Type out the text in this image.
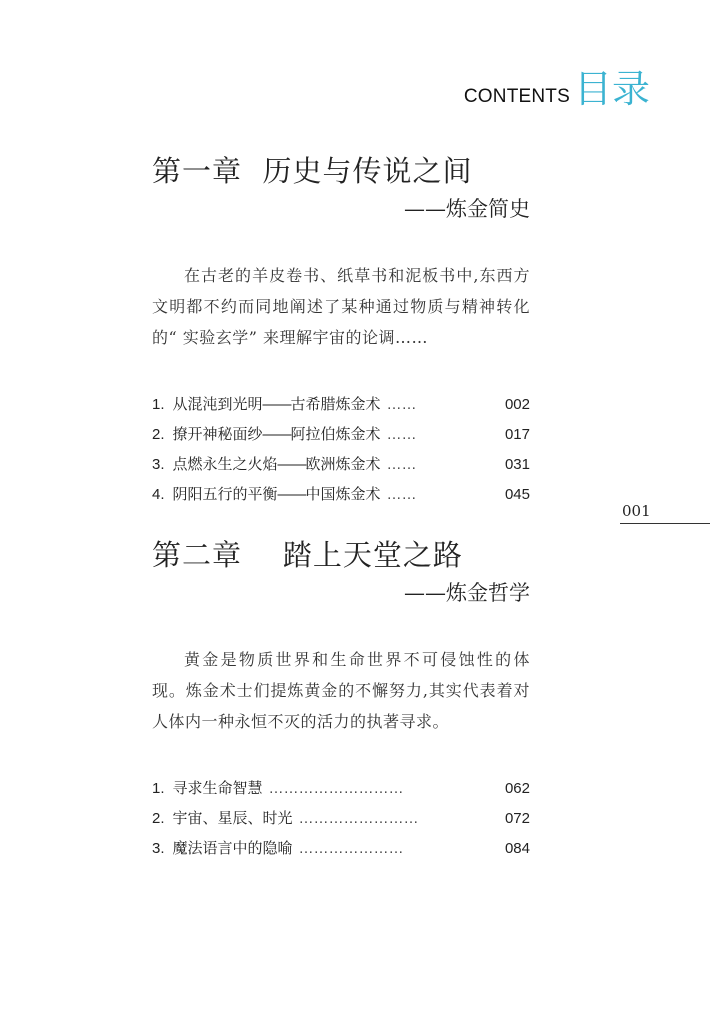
CONTENTS 目录
第一章 历史与传说之间
——炼金简史
在古老的羊皮卷书、纸草书和泥板书中,东西方文明都不约而同地阐述了某种通过物质与精神转化的“ 实验玄学” 来理解宇宙的论调……
1. 从混沌到光明 —— 古希腊炼金术 ……	002
2. 撩开神秘面纱 —— 阿拉伯炼金术 ……	017
3. 点燃永生之火焰 —— 欧洲炼金术 ……	031
4. 阴阳五行的平衡 —— 中国炼金术 ……	045
001
第二章 踏上天堂之路
——炼金哲学
黄金是物质世界和生命世界不可侵蚀性的体现。炼金术士们提炼黄金的不懈努力,其实代表着对人体内一种永恒不灭的活力的执著寻求。
1. 寻求生命智慧 ………………………	062
2. 宇宙、星辰、时光 ……………………	072
3. 魔法语言中的隐喻 …………………	084
